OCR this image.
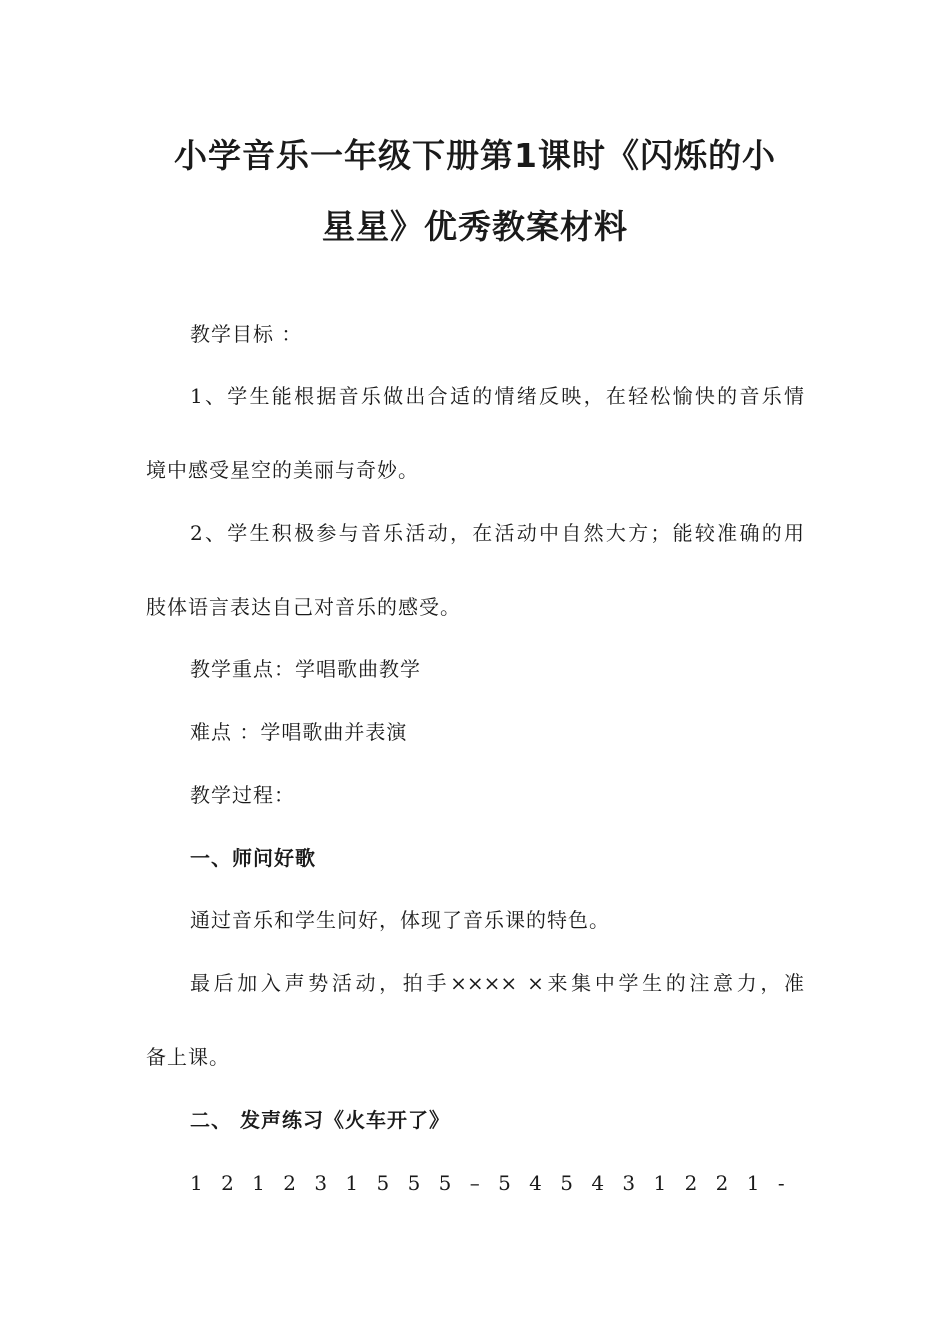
小学音乐一年级下册第1课时《闪烁的小
星星》优秀教案材料
教学目标 ：
1、学生能根据音乐做出合适的情绪反映，在轻松愉快的音乐情
境中感受星空的美丽与奇妙。
2、学生积极参与音乐活动，在活动中自然大方；能较准确的用
肢体语言表达自己对音乐的感受。
教学重点：学唱歌曲教学
难点 ：学唱歌曲并表演
教学过程：
一、师问好歌
通过音乐和学生问好，体现了音乐课的特色。
最后加入声势活动，拍手×××× ×来集中学生的注意力，准
备上课。
二、 发声练习《火车开了》
1 2 1 2 3 1 5 5 5 – 5 4 5 4 3 1 2 2 1 -
